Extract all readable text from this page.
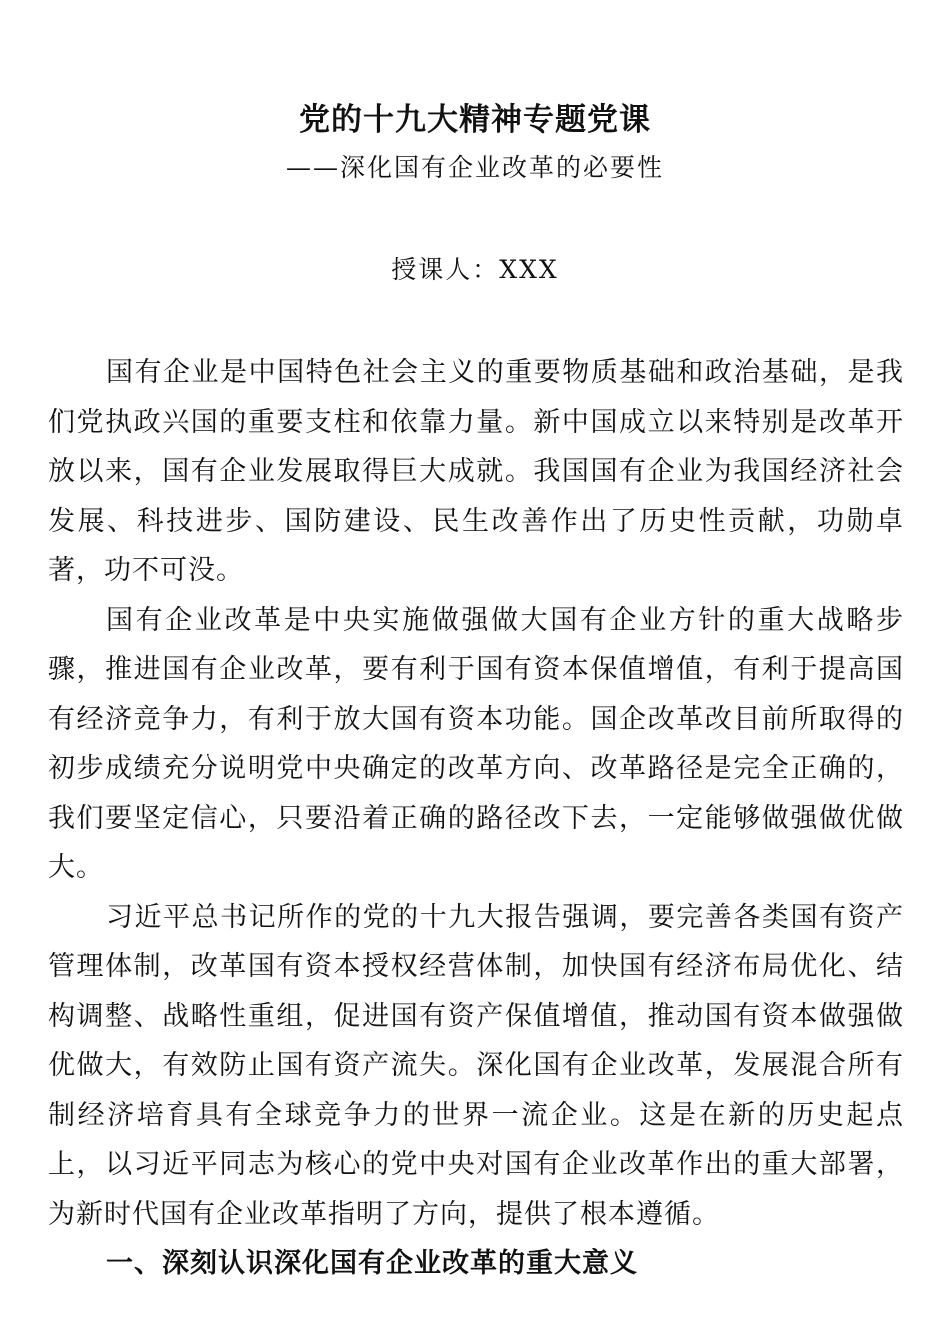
党的十九大精神专题党课
——深化国有企业改革的必要性
授课人：XXX

国有企业是中国特色社会主义的重要物质基础和政治基础，是我们党执政兴国的重要支柱和依靠力量。新中国成立以来特别是改革开放以来，国有企业发展取得巨大成就。我国国有企业为我国经济社会发展、科技进步、国防建设、民生改善作出了历史性贡献，功勋卓著，功不可没。

国有企业改革是中央实施做强做大国有企业方针的重大战略步骤，推进国有企业改革，要有利于国有资本保值增值，有利于提高国有经济竞争力，有利于放大国有资本功能。国企改革改目前所取得的初步成绩充分说明党中央确定的改革方向、改革路径是完全正确的，我们要坚定信心，只要沿着正确的路径改下去，一定能够做强做优做大。

习近平总书记所作的党的十九大报告强调，要完善各类国有资产管理体制，改革国有资本授权经营体制，加快国有经济布局优化、结构调整、战略性重组，促进国有资产保值增值，推动国有资本做强做优做大，有效防止国有资产流失。深化国有企业改革，发展混合所有制经济培育具有全球竞争力的世界一流企业。这是在新的历史起点上，以习近平同志为核心的党中央对国有企业改革作出的重大部署，为新时代国有企业改革指明了方向，提供了根本遵循。

一、深刻认识深化国有企业改革的重大意义
